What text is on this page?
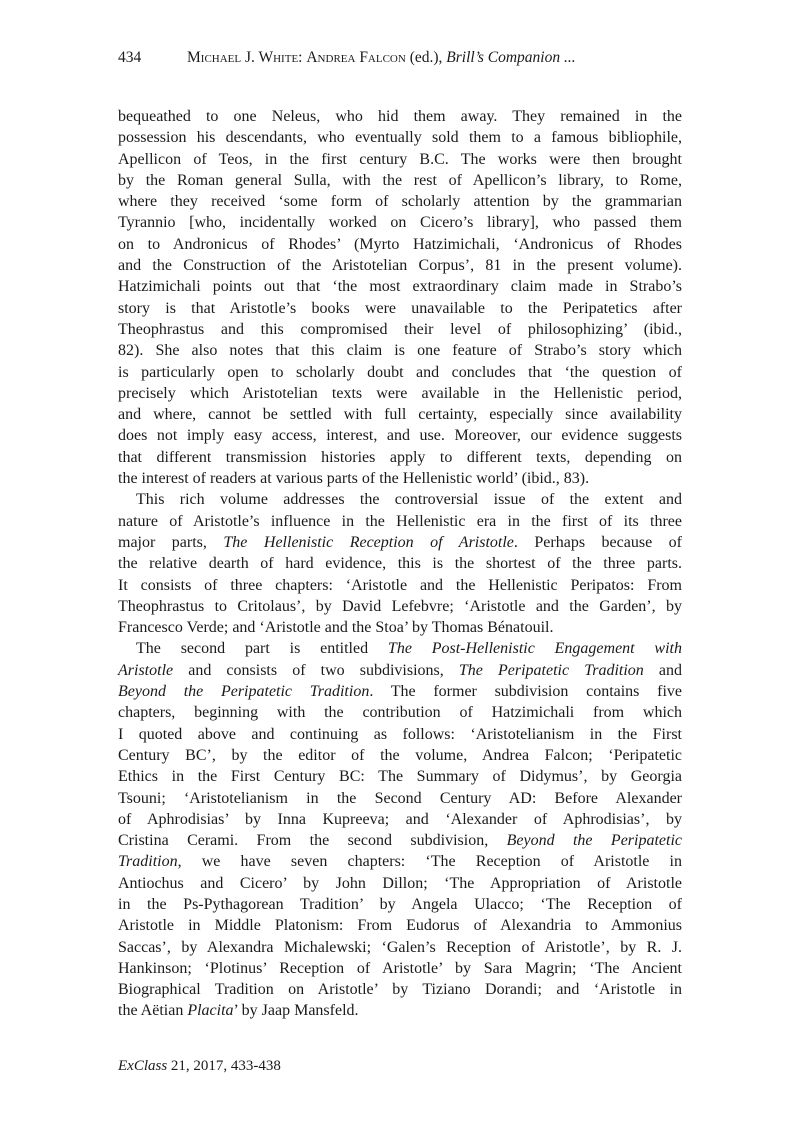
434	Michael J. White: Andrea Falcon (ed.), Brill’s Companion ...
bequeathed to one Neleus, who hid them away. They remained in the
possession his descendants, who eventually sold them to a famous bibliophile,
Apellicon of Teos, in the first century B.C. The works were then brought
by the Roman general Sulla, with the rest of Apellicon’s library, to Rome,
where they received ‘some form of scholarly attention by the grammarian
Tyrannio [who, incidentally worked on Cicero’s library], who passed them
on to Andronicus of Rhodes’ (Myrto Hatzimichali, ‘Andronicus of Rhodes
and the Construction of the Aristotelian Corpus’, 81 in the present volume).
Hatzimichali points out that ‘the most extraordinary claim made in Strabo’s
story is that Aristotle’s books were unavailable to the Peripatetics after
Theophrastus and this compromised their level of philosophizing’ (ibid.,
82). She also notes that this claim is one feature of Strabo’s story which
is particularly open to scholarly doubt and concludes that ‘the question of
precisely which Aristotelian texts were available in the Hellenistic period,
and where, cannot be settled with full certainty, especially since availability
does not imply easy access, interest, and use. Moreover, our evidence suggests
that different transmission histories apply to different texts, depending on
the interest of readers at various parts of the Hellenistic world’ (ibid., 83).
This rich volume addresses the controversial issue of the extent and
nature of Aristotle’s influence in the Hellenistic era in the first of its three
major parts, The Hellenistic Reception of Aristotle. Perhaps because of
the relative dearth of hard evidence, this is the shortest of the three parts.
It consists of three chapters: ‘Aristotle and the Hellenistic Peripatos: From
Theophrastus to Critolaus’, by David Lefebvre; ‘Aristotle and the Garden’, by
Francesco Verde; and ‘Aristotle and the Stoa’ by Thomas Bénatouil.
The second part is entitled The Post-Hellenistic Engagement with
Aristotle and consists of two subdivisions, The Peripatetic Tradition and
Beyond the Peripatetic Tradition. The former subdivision contains five
chapters, beginning with the contribution of Hatzimichali from which
I quoted above and continuing as follows: ‘Aristotelianism in the First
Century BC’, by the editor of the volume, Andrea Falcon; ‘Peripatetic
Ethics in the First Century BC: The Summary of Didymus’, by Georgia
Tsouni; ‘Aristotelianism in the Second Century AD: Before Alexander
of Aphrodisias’ by Inna Kupreeva; and ‘Alexander of Aphrodisias’, by
Cristina Cerami. From the second subdivision, Beyond the Peripatetic
Tradition, we have seven chapters: ‘The Reception of Aristotle in
Antiochus and Cicero’ by John Dillon; ‘The Appropriation of Aristotle
in the Ps-Pythagorean Tradition’ by Angela Ulacco; ‘The Reception of
Aristotle in Middle Platonism: From Eudorus of Alexandria to Ammonius
Saccas’, by Alexandra Michalewski; ‘Galen’s Reception of Aristotle’, by R. J.
Hankinson; ‘Plotinus’ Reception of Aristotle’ by Sara Magrin; ‘The Ancient
Biographical Tradition on Aristotle’ by Tiziano Dorandi; and ‘Aristotle in
the Aëtian Placita’ by Jaap Mansfeld.
ExClass 21, 2017, 433-438
